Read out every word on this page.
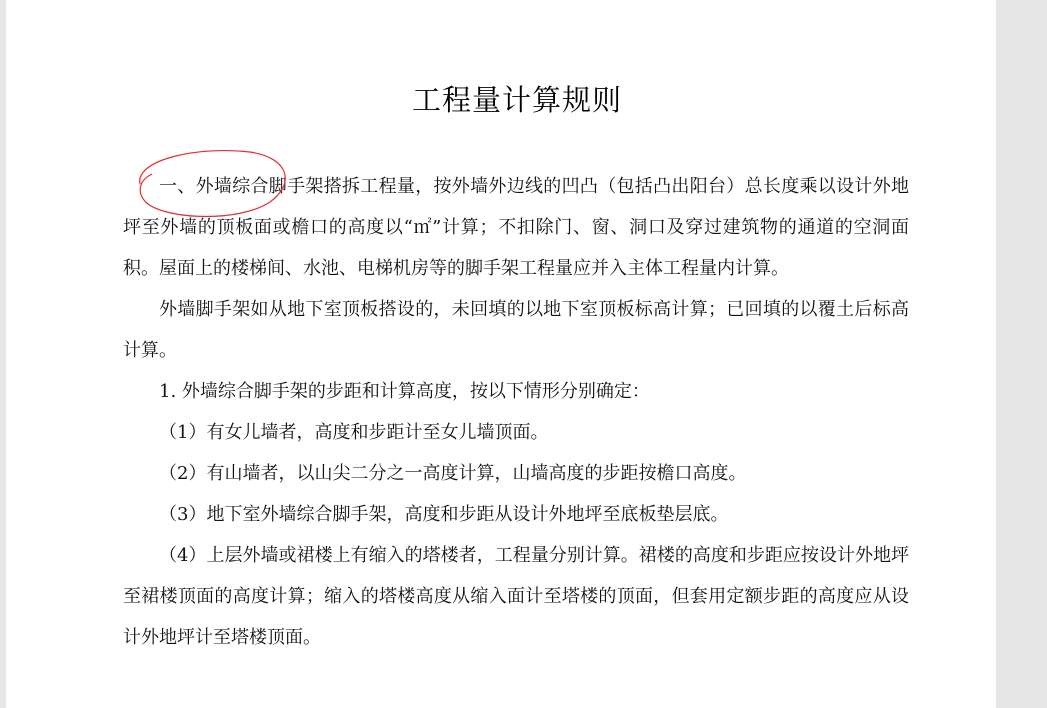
工程量计算规则

一、外墙综合脚手架搭拆工程量，按外墙外边线的凹凸（包括凸出阳台）总长度乘以设计外地坪至外墙的顶板面或檐口的高度以“㎡”计算；不扣除门、窗、洞口及穿过建筑物的通道的空洞面积。屋面上的楼梯间、水池、电梯机房等的脚手架工程量应并入主体工程量内计算。

外墙脚手架如从地下室顶板搭设的，未回填的以地下室顶板标高计算；已回填的以覆土后标高计算。

1. 外墙综合脚手架的步距和计算高度，按以下情形分别确定：

（1）有女儿墙者，高度和步距计至女儿墙顶面。

（2）有山墙者，以山尖二分之一高度计算，山墙高度的步距按檐口高度。

（3）地下室外墙综合脚手架，高度和步距从设计外地坪至底板垫层底。

（4）上层外墙或裙楼上有缩入的塔楼者，工程量分别计算。裙楼的高度和步距应按设计外地坪至裙楼顶面的高度计算；缩入的塔楼高度从缩入面计至塔楼的顶面，但套用定额步距的高度应从设计外地坪计至塔楼顶面。
